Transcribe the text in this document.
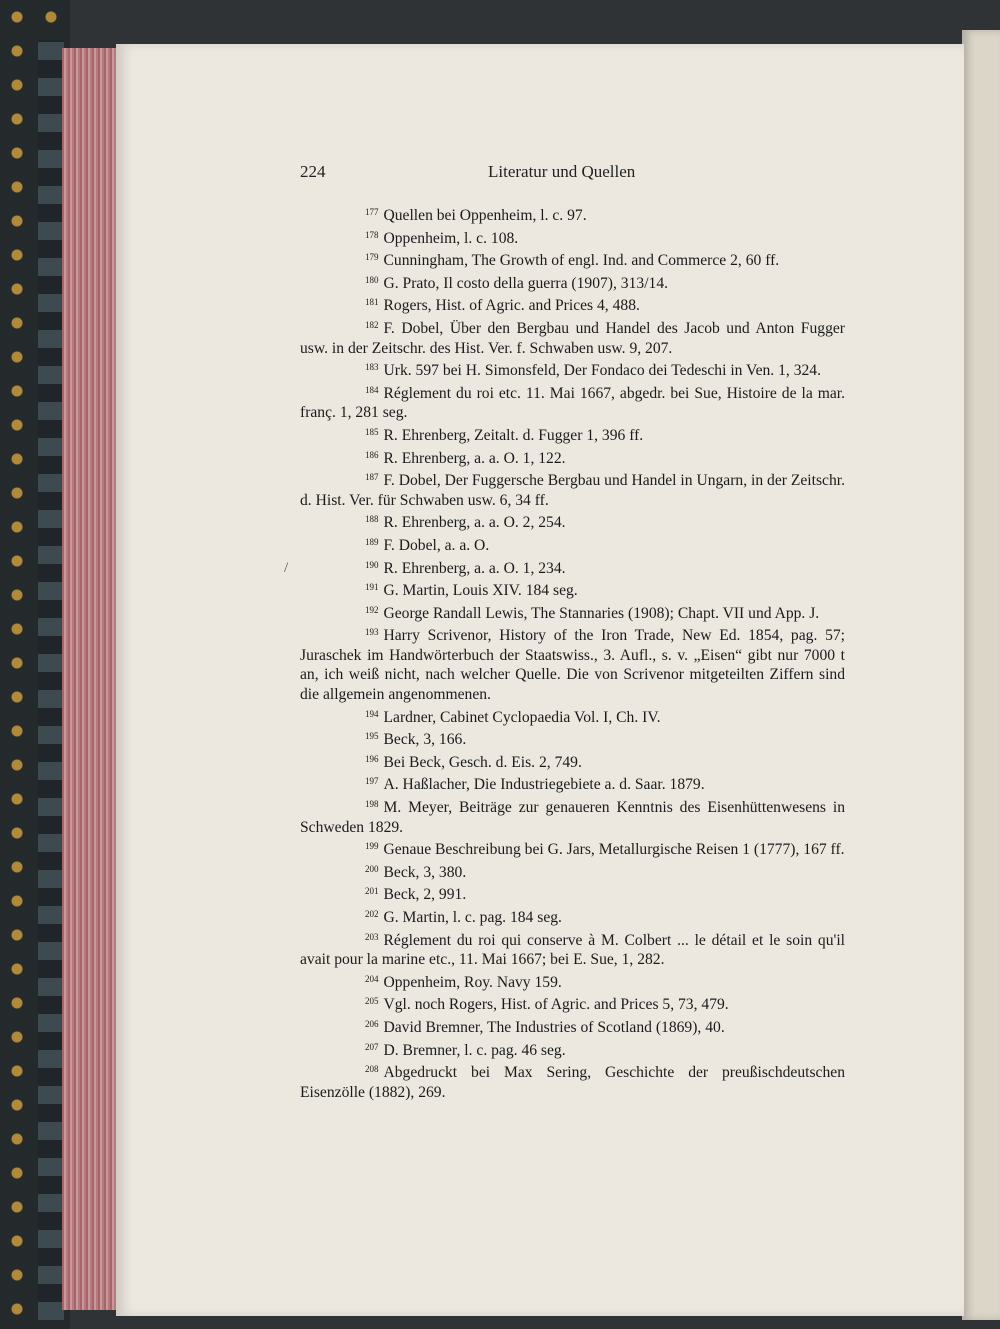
224	Literatur und Quellen
/

$^{177}$ Quellen bei Oppenheim, l. c. 97.

$^{178}$ Oppenheim, l. c. 108.

$^{179}$ Cunningham, The Growth of engl. Ind. and Commerce 2, 60 ff.

$^{180}$ G. Prato, Il costo della guerra (1907), 313/14.

$^{181}$ Rogers, Hist. of Agric. and Prices 4, 488.

$^{182}$ F. Dobel, Über den Bergbau und Handel des Jacob und Anton Fugger usw. in der Zeitschr. des Hist. Ver. f. Schwaben usw. 9, 207.

$^{183}$ Urk. 597 bei H. Simonsfeld, Der Fondaco dei Tedeschi in Ven. 1, 324.

$^{184}$ Réglement du roi etc. 11. Mai 1667, abgedr. bei Sue, Histoire de la mar. franç. 1, 281 seg.

$^{185}$ R. Ehrenberg, Zeitalt. d. Fugger 1, 396 ff.

$^{186}$ R. Ehrenberg, a. a. O. 1, 122.

$^{187}$ F. Dobel, Der Fuggersche Bergbau und Handel in Ungarn, in der Zeitschr. d. Hist. Ver. für Schwaben usw. 6, 34 ff.

$^{188}$ R. Ehrenberg, a. a. O. 2, 254.

$^{189}$ F. Dobel, a. a. O.

$^{190}$ R. Ehrenberg, a. a. O. 1, 234.

$^{191}$ G. Martin, Louis XIV. 184 seg.

$^{192}$ George Randall Lewis, The Stannaries (1908); Chapt. VII und App. J.

$^{193}$ Harry Scrivenor, History of the Iron Trade, New Ed. 1854, pag. 57; Juraschek im Handwörterbuch der Staatswiss., 3. Aufl., s. v. „Eisen“ gibt nur 7000 t an, ich weiß nicht, nach welcher Quelle. Die von Scrivenor mitgeteilten Ziffern sind die allgemein angenommenen.

$^{194}$ Lardner, Cabinet Cyclopaedia Vol. I, Ch. IV.

$^{195}$ Beck, 3, 166.

$^{196}$ Bei Beck, Gesch. d. Eis. 2, 749.

$^{197}$ A. Haßlacher, Die Industriegebiete a. d. Saar. 1879.

$^{198}$ M. Meyer, Beiträge zur genaueren Kenntnis des Eisenhüttenwesens in Schweden 1829.

$^{199}$ Genaue Beschreibung bei G. Jars, Metallurgische Reisen 1 (1777), 167 ff.

$^{200}$ Beck, 3, 380.

$^{201}$ Beck, 2, 991.

$^{202}$ G. Martin, l. c. pag. 184 seg.

$^{203}$ Réglement du roi qui conserve à M. Colbert ... le détail et le soin qu'il avait pour la marine etc., 11. Mai 1667; bei E. Sue, 1, 282.

$^{204}$ Oppenheim, Roy. Navy 159.

$^{205}$ Vgl. noch Rogers, Hist. of Agric. and Prices 5, 73, 479.

$^{206}$ David Bremner, The Industries of Scotland (1869), 40.

$^{207}$ D. Bremner, l. c. pag. 46 seg.

$^{208}$ Abgedruckt bei Max Sering, Geschichte der preußischdeutschen Eisenzölle (1882), 269.
